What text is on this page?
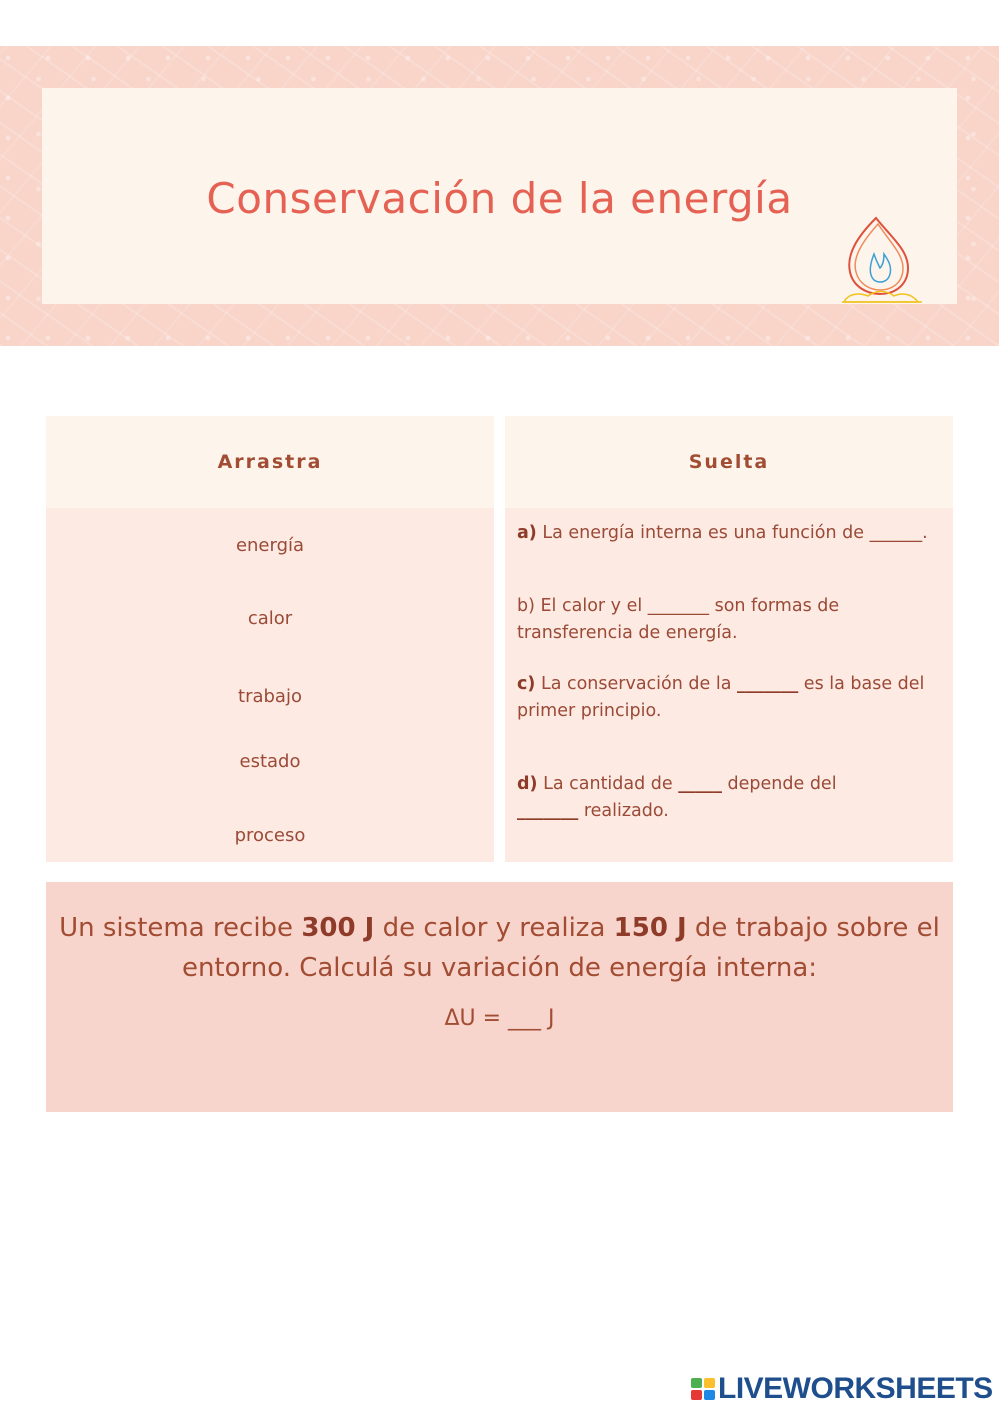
Conservación de la energía
Arrastra	Suelta
energía
calor
trabajo
estado
proceso
a) La energía interna es una función de ______.
b) El calor y el _______ son formas de transferencia de energía.
c) La conservación de la _______ es la base del primer principio.
d) La cantidad de _____ depende del
_______ realizado.
Un sistema recibe 300 J de calor y realiza 150 J de trabajo sobre el entorno. Calculá su variación de energía interna:
ΔU = ___ J
LIVEWORKSHEETS
